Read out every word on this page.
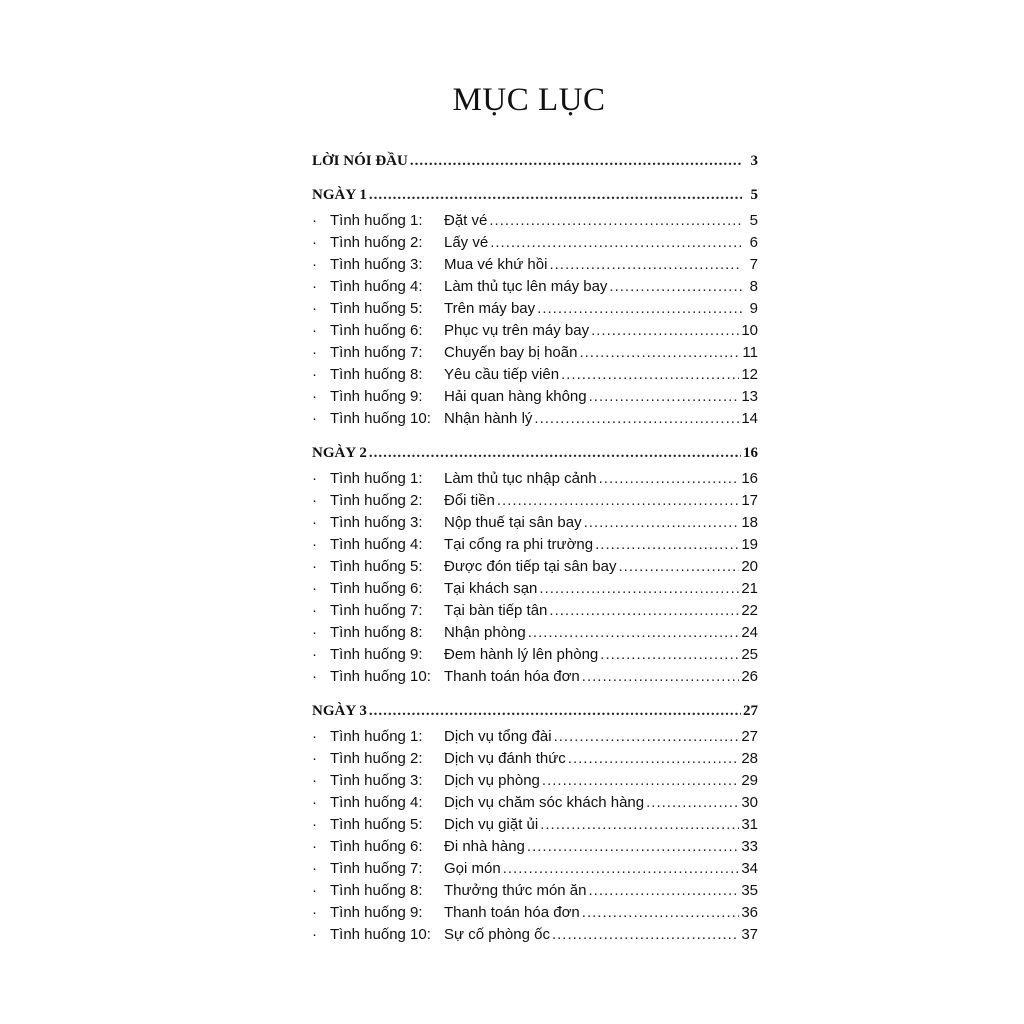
MỤC LỤC
LỜI NÓI ĐẦU .....	3
NGÀY 1 .....	5
· Tình huống 1:	Đặt vé .....	5
· Tình huống 2:	Lấy vé .....	6
· Tình huống 3:	Mua vé khứ hồi .....	7
· Tình huống 4:	Làm thủ tục lên máy bay .....	8
· Tình huống 5:	Trên máy bay .....	9
· Tình huống 6:	Phục vụ trên máy bay .....	10
· Tình huống 7:	Chuyến bay bị hoãn .....	11
· Tình huống 8:	Yêu cầu tiếp viên .....	12
· Tình huống 9:	Hải quan hàng không .....	13
· Tình huống 10: Nhận hành lý .....	14
NGÀY 2 .....	16
· Tình huống 1:	Làm thủ tục nhập cảnh .....	16
· Tình huống 2:	Đổi tiền .....	17
· Tình huống 3:	Nộp thuế tại sân bay .....	18
· Tình huống 4:	Tại cổng ra phi trường .....	19
· Tình huống 5:	Được đón tiếp tại sân bay .....	20
· Tình huống 6:	Tại khách sạn .....	21
· Tình huống 7:	Tại bàn tiếp tân .....	22
· Tình huống 8:	Nhận phòng .....	24
· Tình huống 9:	Đem hành lý lên phòng .....	25
· Tình huống 10: Thanh toán hóa đơn .....	26
NGÀY 3 .....	27
· Tình huống 1:	Dịch vụ tổng đài .....	27
· Tình huống 2:	Dịch vụ đánh thức .....	28
· Tình huống 3:	Dịch vụ phòng .....	29
· Tình huống 4:	Dịch vụ chăm sóc khách hàng .....	30
· Tình huống 5:	Dịch vụ giặt ủi .....	31
· Tình huống 6:	Đi nhà hàng .....	33
· Tình huống 7:	Gọi món .....	34
· Tình huống 8:	Thưởng thức món ăn .....	35
· Tình huống 9:	Thanh toán hóa đơn .....	36
· Tình huống 10: Sự cố phòng ốc .....	37
